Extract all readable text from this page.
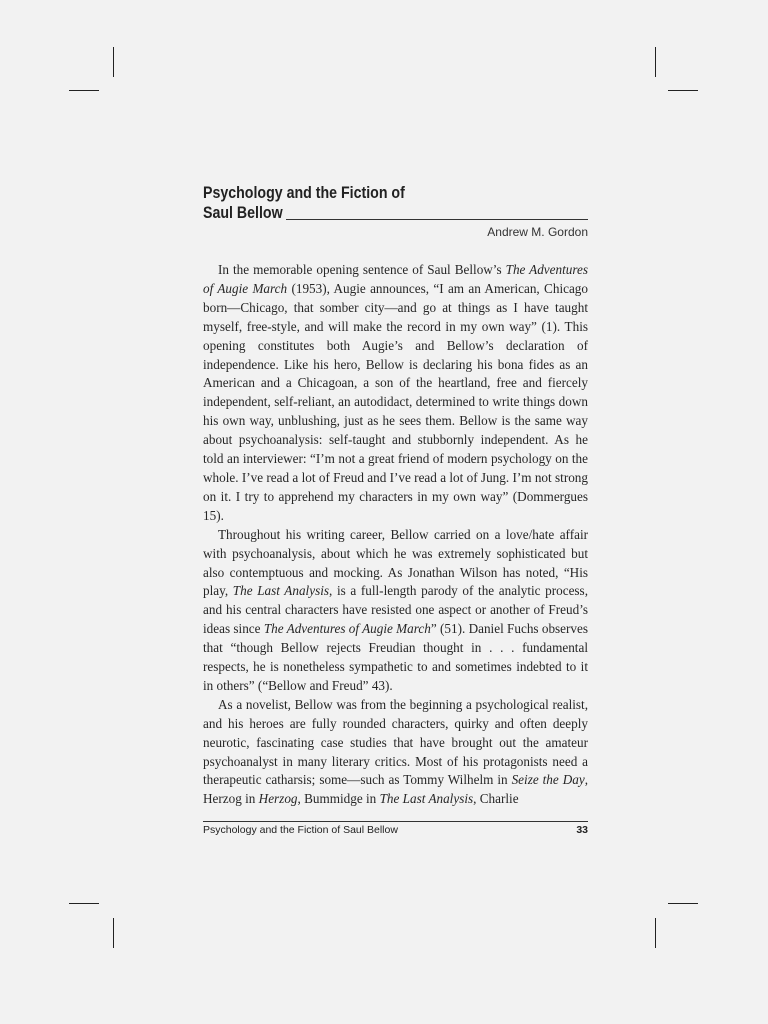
Psychology and the Fiction of
Saul Bellow
Andrew M. Gordon

In the memorable opening sentence of Saul Bellow’s The Adventures of Augie March (1953), Augie announces, “I am an American, Chicago born—Chicago, that somber city—and go at things as I have taught myself, free-style, and will make the record in my own way” (1). This opening constitutes both Augie’s and Bellow’s declaration of independence. Like his hero, Bellow is declaring his bona fides as an American and a Chicagoan, a son of the heartland, free and fiercely independent, self-reliant, an autodidact, determined to write things down his own way, unblushing, just as he sees them. Bellow is the same way about psychoanalysis: self-taught and stubbornly independent. As he told an interviewer: “I’m not a great friend of modern psychology on the whole. I’ve read a lot of Freud and I’ve read a lot of Jung. I’m not strong on it. I try to apprehend my characters in my own way” (Dommergues 15).

Throughout his writing career, Bellow carried on a love/hate affair with psychoanalysis, about which he was extremely sophisticated but also contemptuous and mocking. As Jonathan Wilson has noted, “His play, The Last Analysis, is a full-length parody of the analytic process, and his central characters have resisted one aspect or another of Freud’s ideas since The Adventures of Augie March” (51). Daniel Fuchs observes that “though Bellow rejects Freudian thought in . . . fundamental respects, he is nonetheless sympathetic to and sometimes indebted to it in others” (“Bellow and Freud” 43).

As a novelist, Bellow was from the beginning a psychological realist, and his heroes are fully rounded characters, quirky and often deeply neurotic, fascinating case studies that have brought out the amateur psychoanalyst in many literary critics. Most of his protagonists need a therapeutic catharsis; some—such as Tommy Wilhelm in Seize the Day, Herzog in Herzog, Bummidge in The Last Analysis, Charlie

Psychology and the Fiction of Saul Bellow	33
